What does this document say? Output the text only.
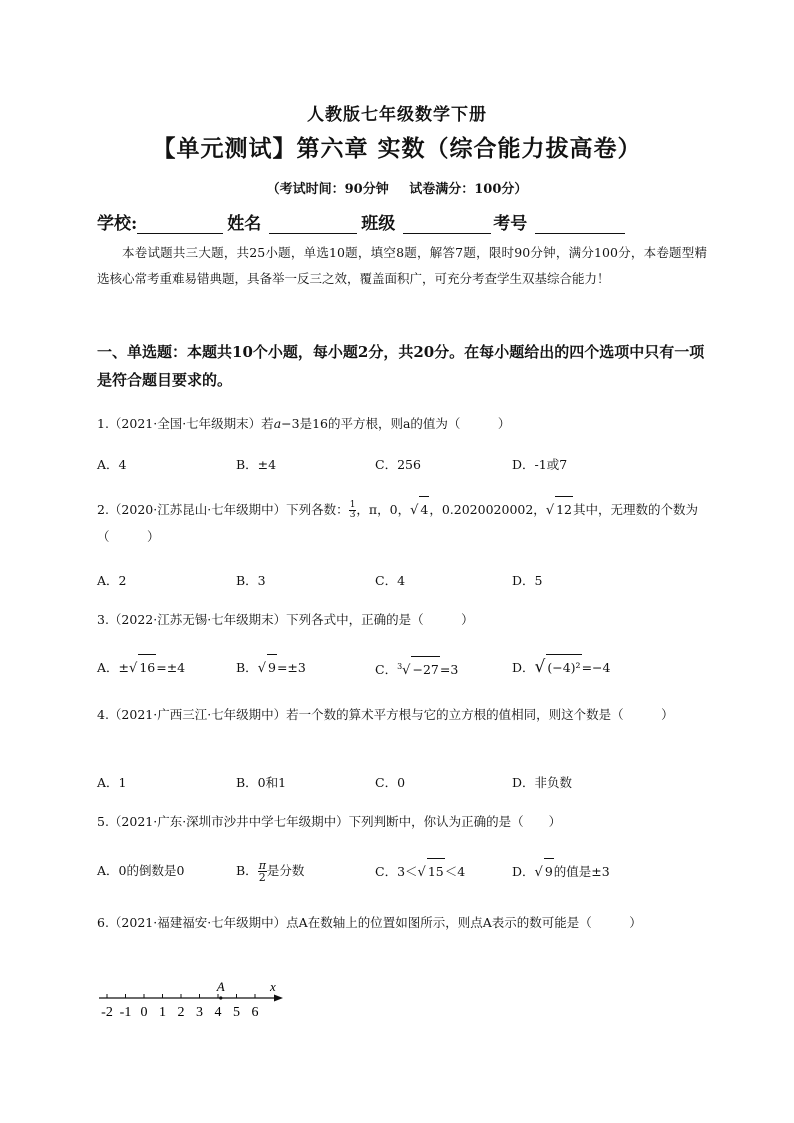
人教版七年级数学下册
【单元测试】第六章 实数（综合能力拔高卷）
（考试时间：90分钟 试卷满分：100分）
学校:	姓名	班级	考号
本卷试题共三大题，共25小题，单选10题，填空8题，解答7题，限时90分钟，满分100分，本卷题型精选核心常考重难易错典题，具备举一反三之效，覆盖面积广，可充分考查学生双基综合能力！
一、单选题：本题共10个小题，每小题2分，共20分。在每小题给出的四个选项中只有一项是符合题目要求的。
1.（2021·全国·七年级期末）若a−3是16的平方根，则a的值为（　　　）
A．4	B．±4	C．256	D．-1或7
2.（2020·江苏昆山·七年级期中）下列各数： $\frac{1}{3}$ ，π，0，√ 4，0.2020020002，√ 12其中，无理数的个数为（　　　）
A．2	B．3	C．4	D．5
3.（2022·江苏无锡·七年级期末）下列各式中，正确的是（　　　）
A．±√ 16=±4	B．√ 9=±3	C．$^3$√ −27=3	D．√ (−4)²=−4
4.（2021·广西三江·七年级期中）若一个数的算术平方根与它的立方根的值相同，则这个数是（　　　）
A．1	B．0和1	C．0	D．非负数
5.（2021·广东·深圳市沙井中学七年级期中）下列判断中，你认为正确的是（　　）
A．0的倒数是0	B． $\frac{\pi}{2}$ 是分数	C．3＜√ 15＜4	D．√ 9的值是±3
6.（2021·福建福安·七年级期中）点A在数轴上的位置如图所示，则点A表示的数可能是（　　　）
-2 -1 0 1 2 3 4 5 6
A	x
